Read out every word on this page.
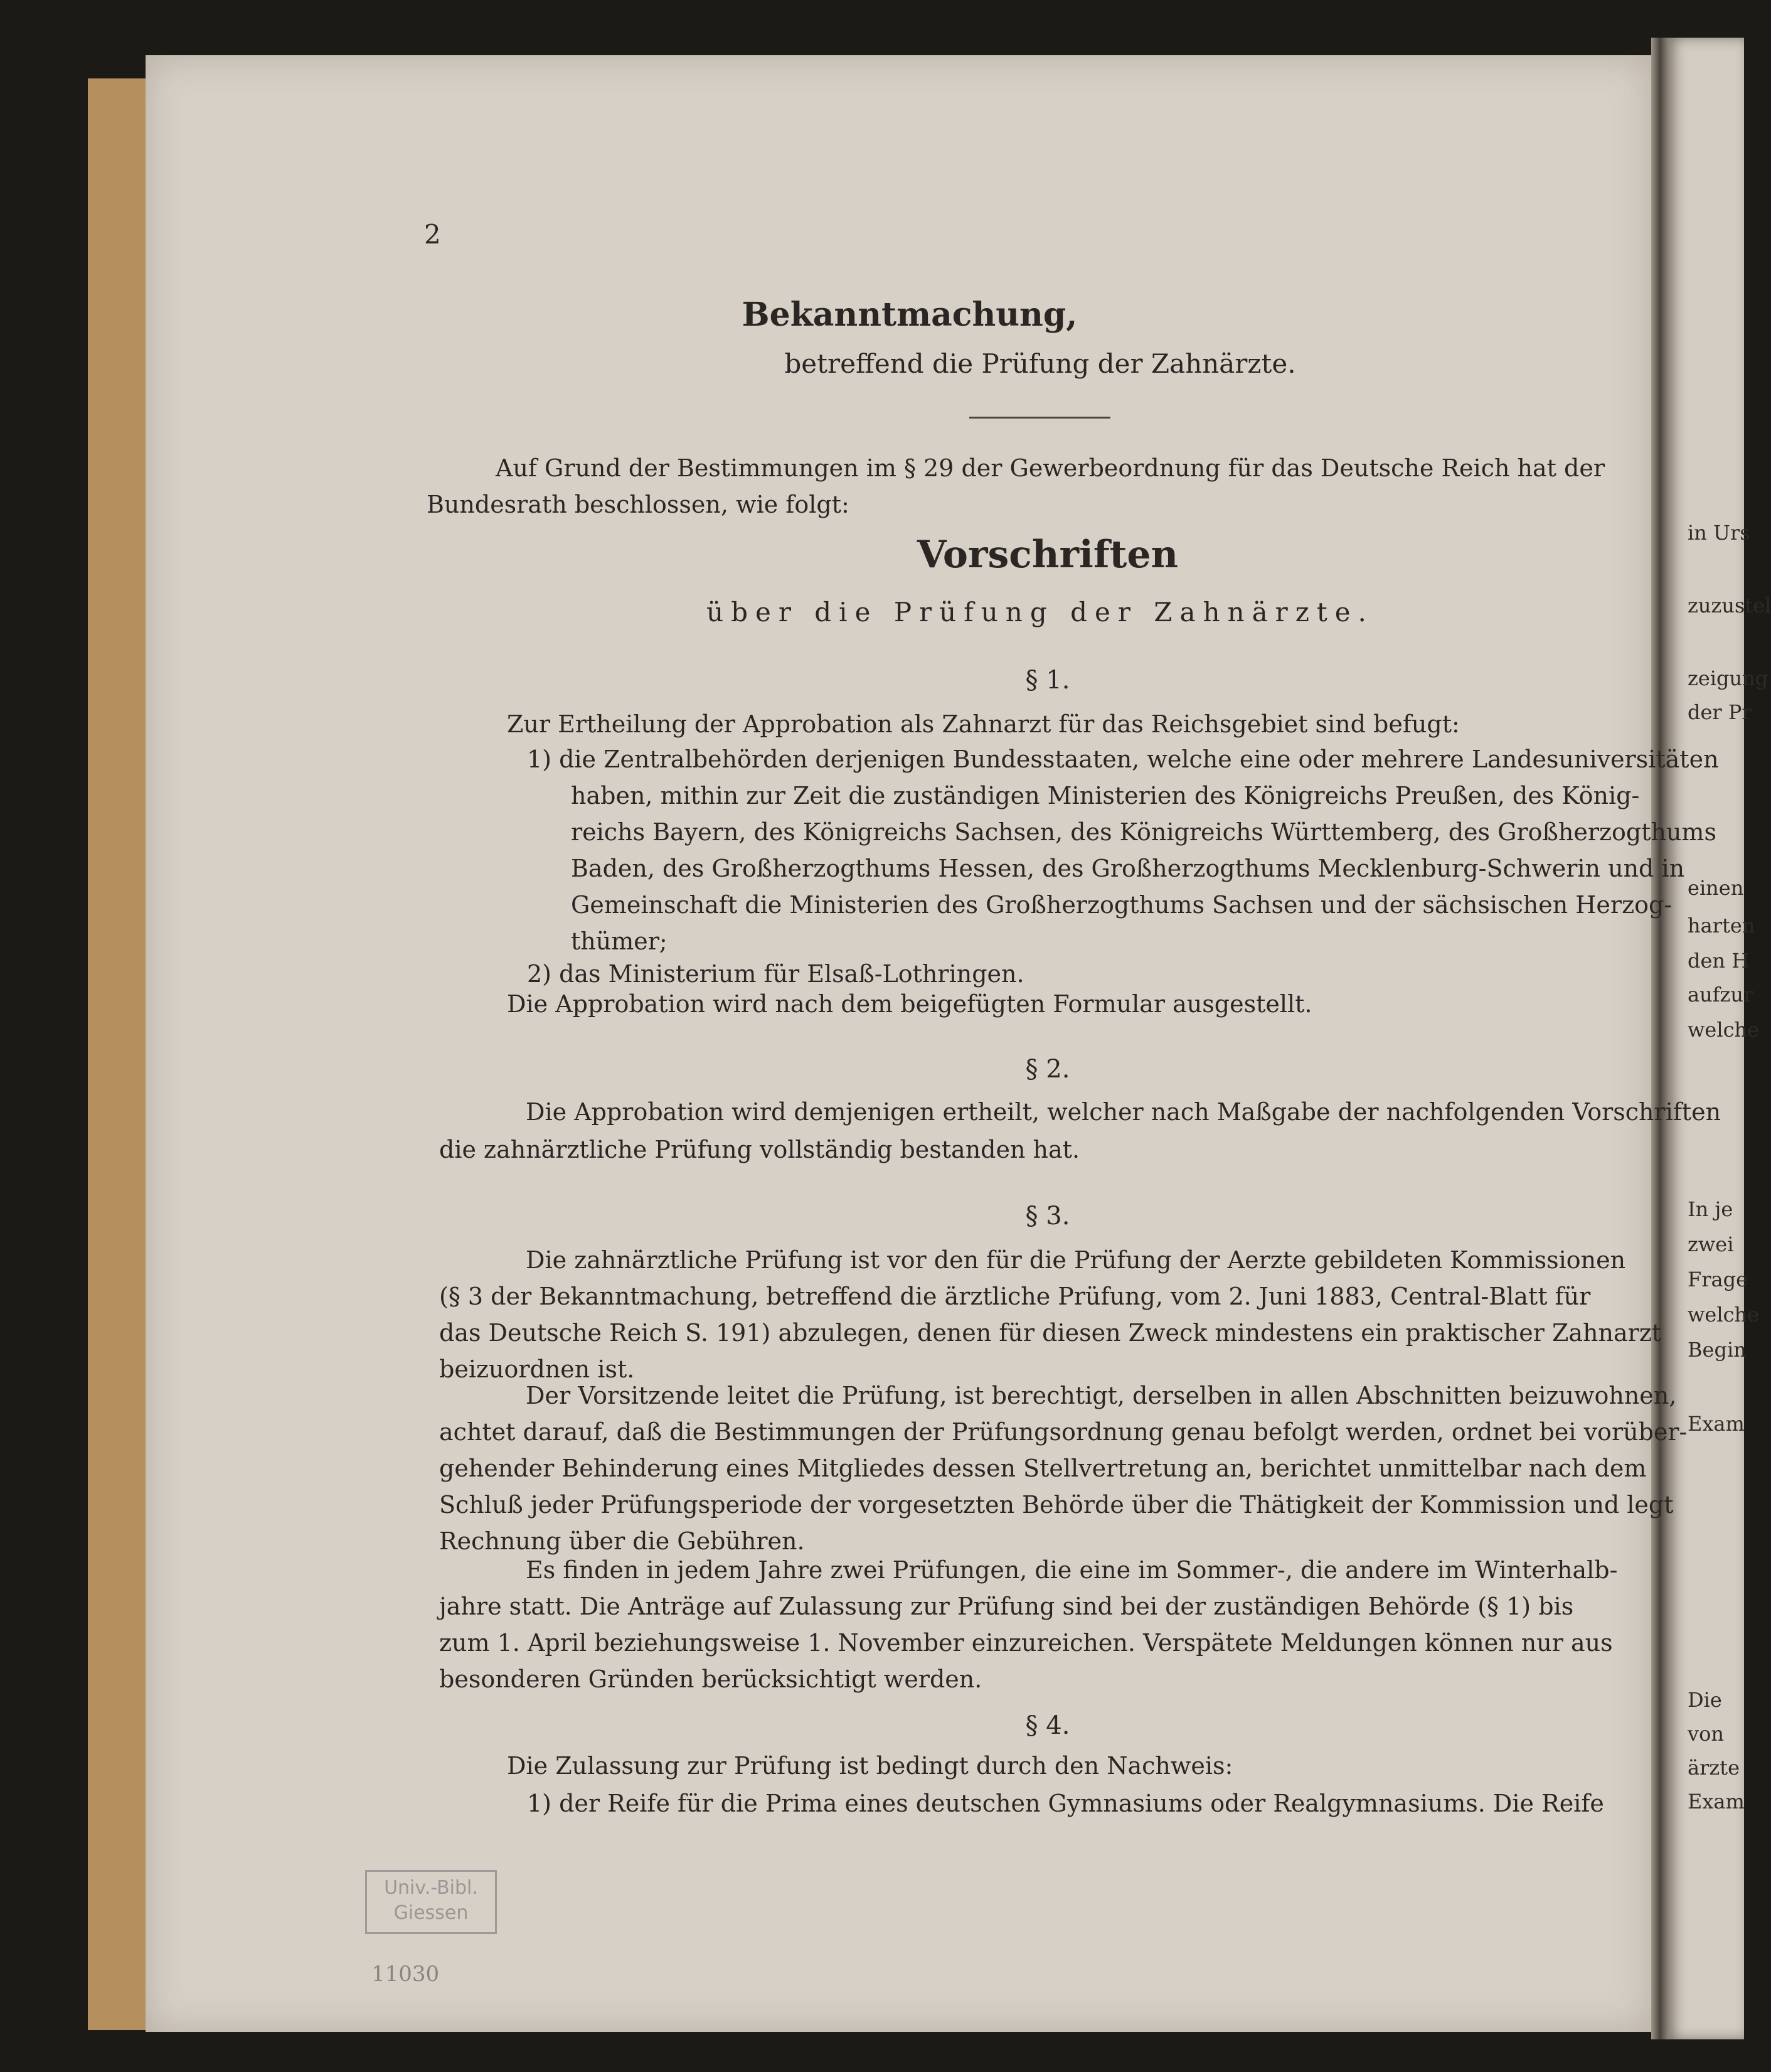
2
Bekanntmachung,
betreffend die Prüfung der Zahnärzte.
Auf Grund der Bestimmungen im § 29 der Gewerbeordnung für das Deutsche Reich hat der
Bundesrath beschlossen, wie folgt:
Vorschriften
über die Prüfung der Zahnärzte.
§ 1.
Zur Ertheilung der Approbation als Zahnarzt für das Reichsgebiet sind befugt:
1) die Zentralbehörden derjenigen Bundesstaaten, welche eine oder mehrere Landesuniversitäten
haben, mithin zur Zeit die zuständigen Ministerien des Königreichs Preußen, des König-
reichs Bayern, des Königreichs Sachsen, des Königreichs Württemberg, des Großherzogthums
Baden, des Großherzogthums Hessen, des Großherzogthums Mecklenburg-Schwerin und in
Gemeinschaft die Ministerien des Großherzogthums Sachsen und der sächsischen Herzog-
thümer;
2) das Ministerium für Elsaß-Lothringen.
Die Approbation wird nach dem beigefügten Formular ausgestellt.
§ 2.
Die Approbation wird demjenigen ertheilt, welcher nach Maßgabe der nachfolgenden Vorschriften
die zahnärztliche Prüfung vollständig bestanden hat.
§ 3.
Die zahnärztliche Prüfung ist vor den für die Prüfung der Aerzte gebildeten Kommissionen
(§ 3 der Bekanntmachung, betreffend die ärztliche Prüfung, vom 2. Juni 1883, Central-Blatt für
das Deutsche Reich S. 191) abzulegen, denen für diesen Zweck mindestens ein praktischer Zahnarzt
beizuordnen ist.
Der Vorsitzende leitet die Prüfung, ist berechtigt, derselben in allen Abschnitten beizuwohnen,
achtet darauf, daß die Bestimmungen der Prüfungsordnung genau befolgt werden, ordnet bei vorüber-
gehender Behinderung eines Mitgliedes dessen Stellvertretung an, berichtet unmittelbar nach dem
Schluß jeder Prüfungsperiode der vorgesetzten Behörde über die Thätigkeit der Kommission und legt
Rechnung über die Gebühren.
Es finden in jedem Jahre zwei Prüfungen, die eine im Sommer-, die andere im Winterhalb-
jahre statt. Die Anträge auf Zulassung zur Prüfung sind bei der zuständigen Behörde (§ 1) bis
zum 1. April beziehungsweise 1. November einzureichen. Verspätete Meldungen können nur aus
besonderen Gründen berücksichtigt werden.
§ 4.
Die Zulassung zur Prüfung ist bedingt durch den Nachweis:
1) der Reife für die Prima eines deutschen Gymnasiums oder Realgymnasiums. Die Reife
Univ.-Bibl.
Giessen
11030
in Urs
zuzustel
zeigung
der Pr
einen
harten
den H
aufzur
welche
In je
zwei
Frage
welche
Begin
Exam
Die
von
ärzte
Exam
